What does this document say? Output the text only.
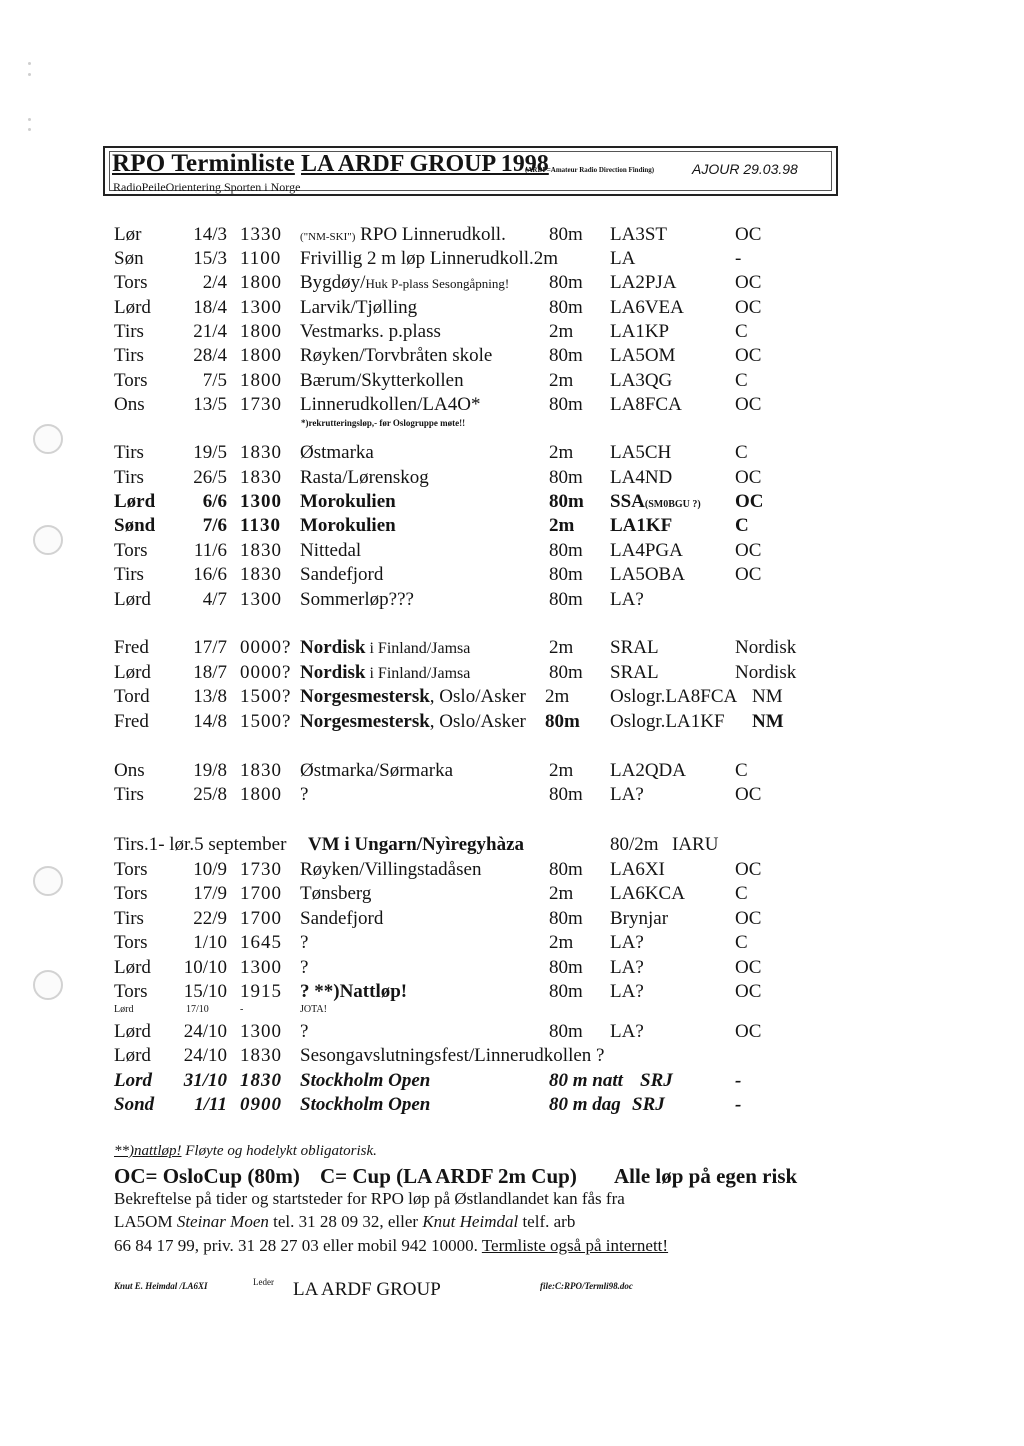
RPO Terminliste LA ARDF GROUP 1998
(ARDF=Amateur Radio Direction Finding)	AJOUR 29.03.98
RadioPeileOrientering Sporten i Norge
Lør	14/3 1330 ("NM-SKI") RPO Linnerudkoll. 80m LA3ST	OC
Søn	15/3 1100 Frivillig 2 m løp Linnerudkoll.2m	LA	-
Tors	2/4 1800 Bygdøy/Huk P-plass Sesongåpning! 80m LA2PJA	OC
Lørd	18/4 1300 Larvik/Tjølling	80m LA6VEA	OC
Tirs	21/4 1800 Vestmarks. p.plass	2m LA1KP	C
Tirs	28/4 1800 Røyken/Torvbråten skole	80m LA5OM	OC
Tors	7/5 1800 Bærum/Skytterkollen	2m LA3QG	C
Ons	13/5 1730 Linnerudkollen/LA4O*	80m LA8FCA	OC
*)rekrutteringsløp,- før Oslogruppe møte!!
Tirs	19/5 1830 Østmarka	2m LA5CH	C
Tirs	26/5 1830 Rasta/Lørenskog	80m LA4ND	OC
Lørd	6/6 1300 Morokulien	80m SSA(SM0BGU ?) OC
Sønd	7/6 1130 Morokulien	2m LA1KF	C
Tors	11/6 1830 Nittedal	80m LA4PGA	OC
Tirs	16/6 1830 Sandefjord	80m LA5OBA	OC
Lørd	4/7 1300 Sommerløp???	80m LA?
Fred	17/7 0000? Nordisk i Finland/Jamsa	2m SRAL	Nordisk
Lørd	18/7 0000? Nordisk i Finland/Jamsa	80m SRAL	Nordisk
Tord	13/8 1500? Norgesmestersk, Oslo/Asker 2m Oslogr.LA8FCA NM
Fred	14/8 1500? Norgesmestersk, Oslo/Asker 80m Oslogr.LA1KF NM
Ons	19/8 1830 Østmarka/Sørmarka	2m LA2QDA	C
Tirs	25/8 1800 ?	80m LA?	OC
Tirs.1- lør.5 september VM i Ungarn/Nyìregyhàza	80/2m IARU
Tors	10/9 1730 Røyken/Villingstadåsen	80m LA6XI	OC
Tors	17/9 1700 Tønsberg	2m LA6KCA	C
Tirs	22/9 1700 Sandefjord	80m Brynjar	OC
Tors	1/10 1645 ?	2m LA?	C
Lørd	10/10 1300 ?	80m LA?	OC
Tors	15/10 1915 ? **)Nattløp!	80m LA?	OC
Lørd	17/10	-	JOTA!
Lørd	24/10 1300 ?	80m LA?	OC
Lørd	24/10 1830 Sesongavslutningsfest/Linnerudkollen ?
Lord	31/10 1830 Stockholm Open	80 m natt SRJ	-
Sond	1/11 0900 Stockholm Open	80 m dag SRJ	-
**)nattløp! Fløyte og hodelykt obligatorisk.
OC= OsloCup (80m) C= Cup (LA ARDF 2m Cup) Alle løp på egen risk
Bekreftelse på tider og startsteder for RPO løp på Østlandlandet kan fås fra
LA5OM Steinar Moen tel. 31 28 09 32, eller Knut Heimdal telf. arb
66 84 17 99, priv. 31 28 27 03 eller mobil 942 10000. Termliste også på internett!
Knut E. Heimdal /LA6XI	Leder LA ARDF GROUP	file:C:RPO/Termli98.doc
